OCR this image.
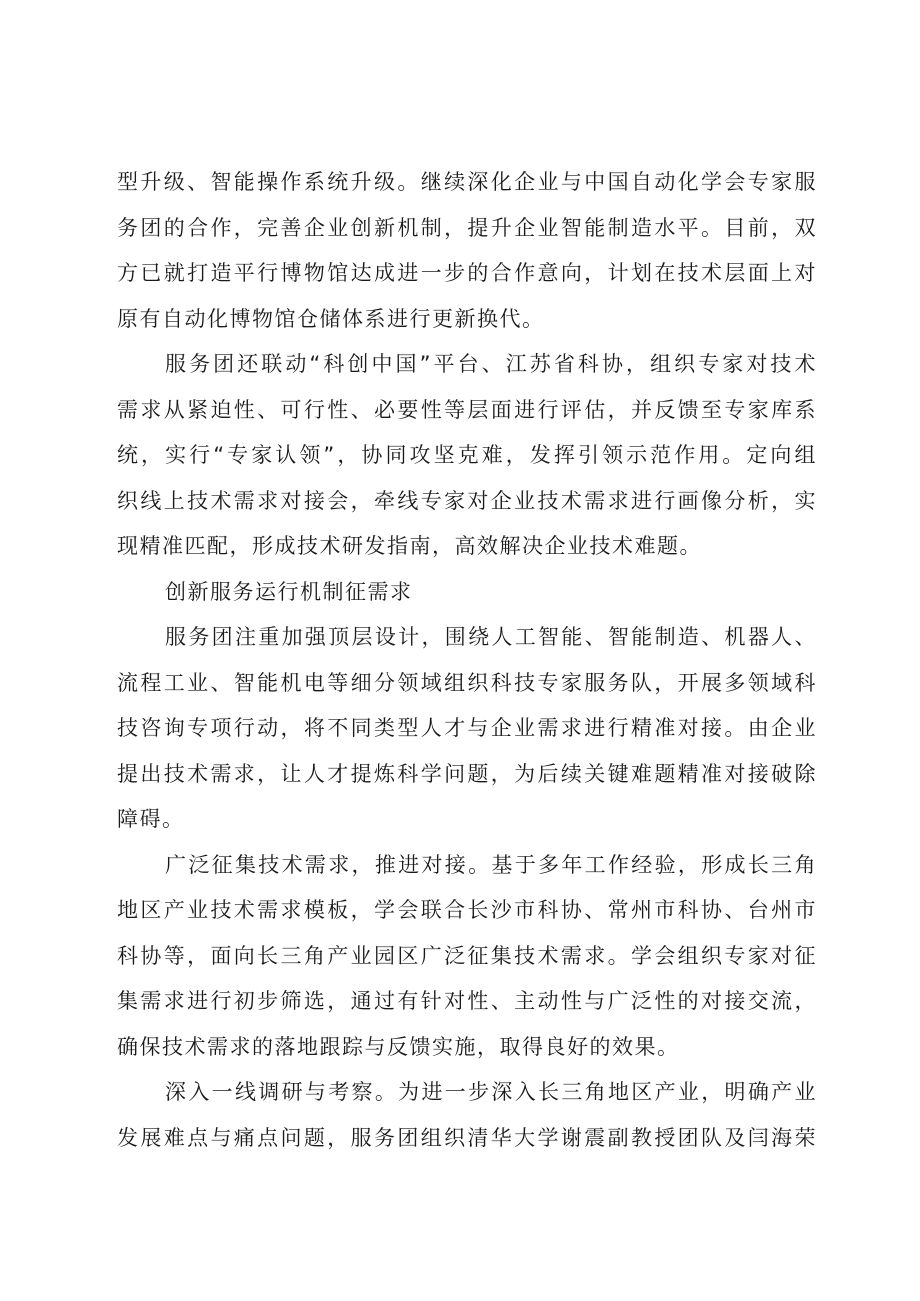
型升级、智能操作系统升级。继续深化企业与中国自动化学会专家服
务团的合作，完善企业创新机制，提升企业智能制造水平。目前，双
方已就打造平行博物馆达成进一步的合作意向，计划在技术层面上对
原有自动化博物馆仓储体系进行更新换代。
服务团还联动“科创中国”平台、江苏省科协，组织专家对技术
需求从紧迫性、可行性、必要性等层面进行评估，并反馈至专家库系
统，实行“专家认领”，协同攻坚克难，发挥引领示范作用。定向组
织线上技术需求对接会，牵线专家对企业技术需求进行画像分析，实
现精准匹配，形成技术研发指南，高效解决企业技术难题。
创新服务运行机制征需求
服务团注重加强顶层设计，围绕人工智能、智能制造、机器人、
流程工业、智能机电等细分领域组织科技专家服务队，开展多领域科
技咨询专项行动，将不同类型人才与企业需求进行精准对接。由企业
提出技术需求，让人才提炼科学问题，为后续关键难题精准对接破除
障碍。
广泛征集技术需求，推进对接。基于多年工作经验，形成长三角
地区产业技术需求模板，学会联合长沙市科协、常州市科协、台州市
科协等，面向长三角产业园区广泛征集技术需求。学会组织专家对征
集需求进行初步筛选，通过有针对性、主动性与广泛性的对接交流，
确保技术需求的落地跟踪与反馈实施，取得良好的效果。
深入一线调研与考察。为进一步深入长三角地区产业，明确产业
发展难点与痛点问题，服务团组织清华大学谢震副教授团队及闫海荣
